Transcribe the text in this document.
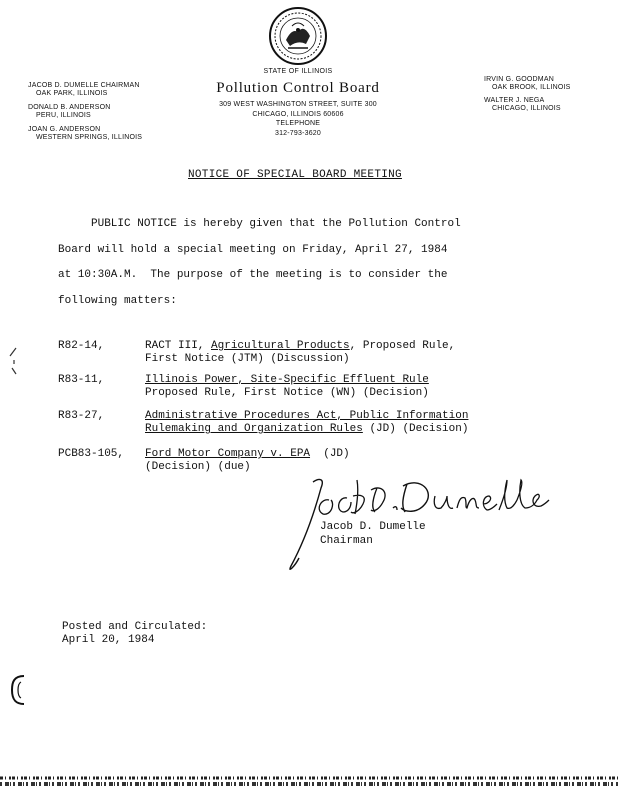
JACOB D. DUMELLE CHAIRMAN
OAK PARK, ILLINOIS
DONALD B. ANDERSON
PERU, ILLINOIS
JOAN G. ANDERSON
WESTERN SPRINGS, ILLINOIS
STATE OF ILLINOIS
Pollution Control Board
309 WEST WASHINGTON STREET, SUITE 300
CHICAGO, ILLINOIS 60606
TELEPHONE
312-793-3620
IRVIN G. GOODMAN
OAK BROOK, ILLINOIS
WALTER J. NEGA
CHICAGO, ILLINOIS
NOTICE OF SPECIAL BOARD MEETING
PUBLIC NOTICE is hereby given that the Pollution Control
Board will hold a special meeting on Friday, April 27, 1984
at 10:30A.M.  The purpose of the meeting is to consider the
following matters:
R82-14,	RACT III, Agricultural Products, Proposed Rule,
First Notice (JTM) (Discussion)
R83-11,	Illinois Power, Site-Specific Effluent Rule
Proposed Rule, First Notice (WN) (Decision)
R83-27,	Administrative Procedures Act, Public Information
Rulemaking and Organization Rules (JD) (Decision)
PCB83-105, Ford Motor Company v. EPA  (JD)
(Decision) (due)
Jacob D. Dumelle
Chairman
Posted and Circulated:
April 20, 1984
